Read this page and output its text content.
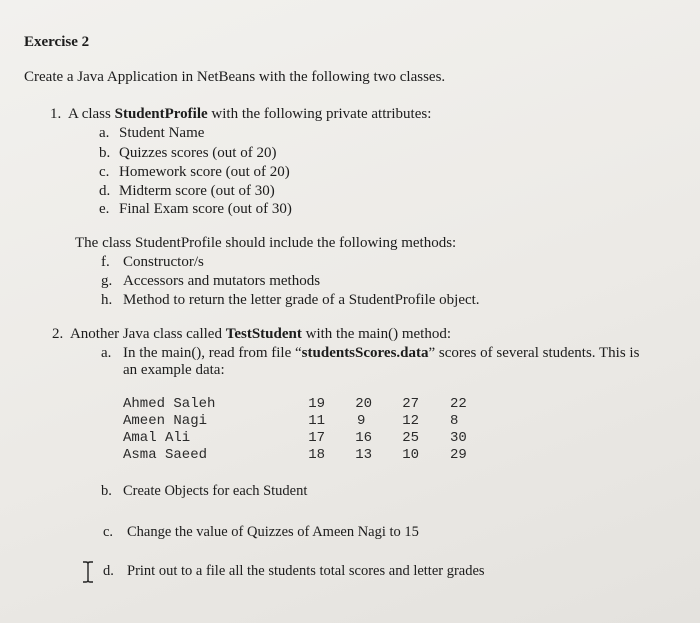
Exercise 2
Create a Java Application in NetBeans with the following two classes.
1. A class StudentProfile with the following private attributes:
a. Student Name
b. Quizzes scores (out of 20)
c. Homework score (out of 20)
d. Midterm score (out of 30)
e. Final Exam score (out of 30)
The class StudentProfile should include the following methods:
f. Constructor/s
g. Accessors and mutators methods
h. Method to return the letter grade of a StudentProfile object.
2. Another Java class called TestStudent with the main() method:
a. In the main(), read from file “studentsScores.data” scores of several students. This is
an example data:
Ahmed Saleh	19	20	27 22
Ameen Nagi	11 9	12 8
Amal Ali	17	16	25 30
Asma Saeed	18	13	10 29
b. Create Objects for each Student
c. Change the value of Quizzes of Ameen Nagi to 15
d. Print out to a file all the students total scores and letter grades
